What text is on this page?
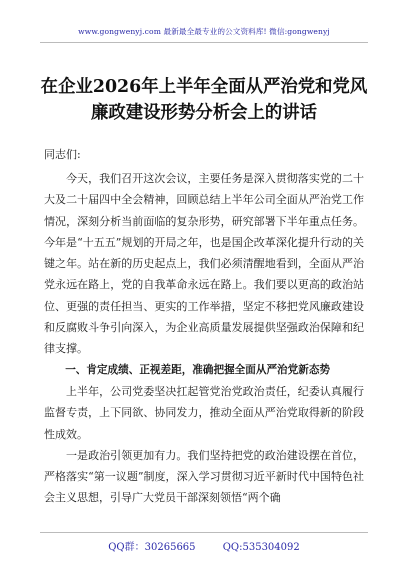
www.gongwenyj.com 最新最全最专业的公文资料库! 微信:gongwenyj
在企业2026年上半年全面从严治党和党风廉政建设形势分析会上的讲话
同志们:

今天，我们召开这次会议，主要任务是深入贯彻落实党的二十大及二十届四中全会精神，回顾总结上半年公司全面从严治党工作情况，深刻分析当前面临的复杂形势，研究部署下半年重点任务。今年是“十五五”规划的开局之年，也是国企改革深化提升行动的关键之年。站在新的历史起点上，我们必须清醒地看到，全面从严治党永远在路上，党的自我革命永远在路上。我们要以更高的政治站位、更强的责任担当、更实的工作举措，坚定不移把党风廉政建设和反腐败斗争引向深入，为企业高质量发展提供坚强政治保障和纪律支撑。

一、肯定成绩、正视差距，准确把握全面从严治党新态势

上半年，公司党委坚决扛起管党治党政治责任，纪委认真履行监督专责，上下同欲、协同发力，推动全面从严治党取得新的阶段性成效。

一是政治引领更加有力。我们坚持把党的政治建设摆在首位，严格落实“第一议题”制度，深入学习贯彻习近平新时代中国特色社会主义思想，引导广大党员干部深刻领悟“两个确

QQ群：30265665	QQ:535304092
